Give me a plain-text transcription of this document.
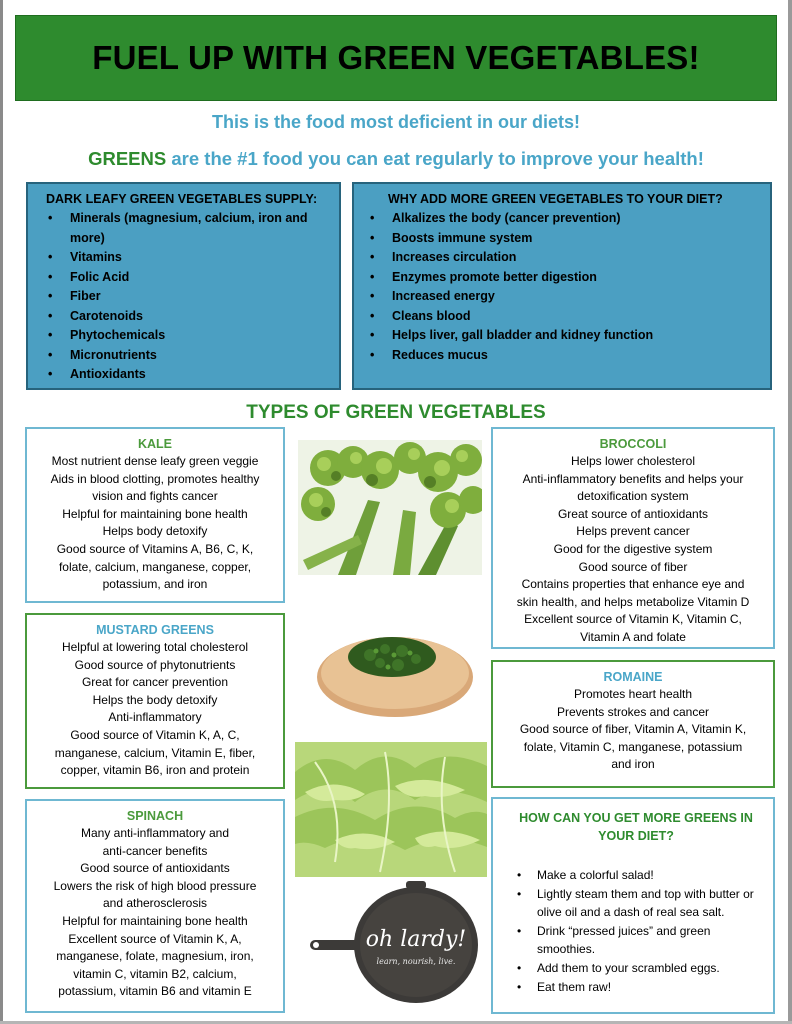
FUEL UP WITH GREEN VEGETABLES!
This is the food most deficient in our diets!
GREENS are the #1 food you can eat regularly to improve your health!
DARK LEAFY GREEN VEGETABLES SUPPLY:
• Minerals (magnesium, calcium, iron and more)
• Vitamins
• Folic Acid
• Fiber
• Carotenoids
• Phytochemicals
• Micronutrients
• Antioxidants
WHY ADD MORE GREEN VEGETABLES TO YOUR DIET?
• Alkalizes the body (cancer prevention)
• Boosts immune system
• Increases circulation
• Enzymes promote better digestion
• Increased energy
• Cleans blood
• Helps liver, gall bladder and kidney function
• Reduces mucus
TYPES OF GREEN VEGETABLES
KALE
Most nutrient dense leafy green veggie
Aids in blood clotting, promotes healthy
vision and fights cancer
Helpful for maintaining bone health
Helps body detoxify
Good source of Vitamins A, B6, C, K,
folate, calcium, manganese, copper,
potassium, and iron
MUSTARD GREENS
Helpful at lowering total cholesterol
Good source of phytonutrients
Great for cancer prevention
Helps the body detoxify
Anti-inflammatory
Good source of Vitamin K, A, C,
manganese, calcium, Vitamin E, fiber,
copper, vitamin B6, iron and protein
SPINACH
Many anti-inflammatory and
anti-cancer benefits
Good source of antioxidants
Lowers the risk of high blood pressure
and atherosclerosis
Helpful for maintaining bone health
Excellent source of Vitamin K, A,
manganese, folate, magnesium, iron,
vitamin C, vitamin B2, calcium,
potassium, vitamin B6 and vitamin E
BROCCOLI
Helps lower cholesterol
Anti-inflammatory benefits and helps your
detoxification system
Great source of antioxidants
Helps prevent cancer
Good for the digestive system
Good source of fiber
Contains properties that enhance eye and
skin health, and helps metabolize Vitamin D
Excellent source of Vitamin K, Vitamin C,
Vitamin A and folate
ROMAINE
Promotes heart health
Prevents strokes and cancer
Good source of fiber, Vitamin A, Vitamin K,
folate, Vitamin C, manganese, potassium
and iron
HOW CAN YOU GET MORE GREENS IN YOUR DIET?
• Make a colorful salad!
• Lightly steam them and top with butter or olive oil and a dash of real sea salt.
• Drink “pressed juices” and green smoothies.
• Add them to your scrambled eggs.
• Eat them raw!
oh lardy!
learn, nourish, live.
